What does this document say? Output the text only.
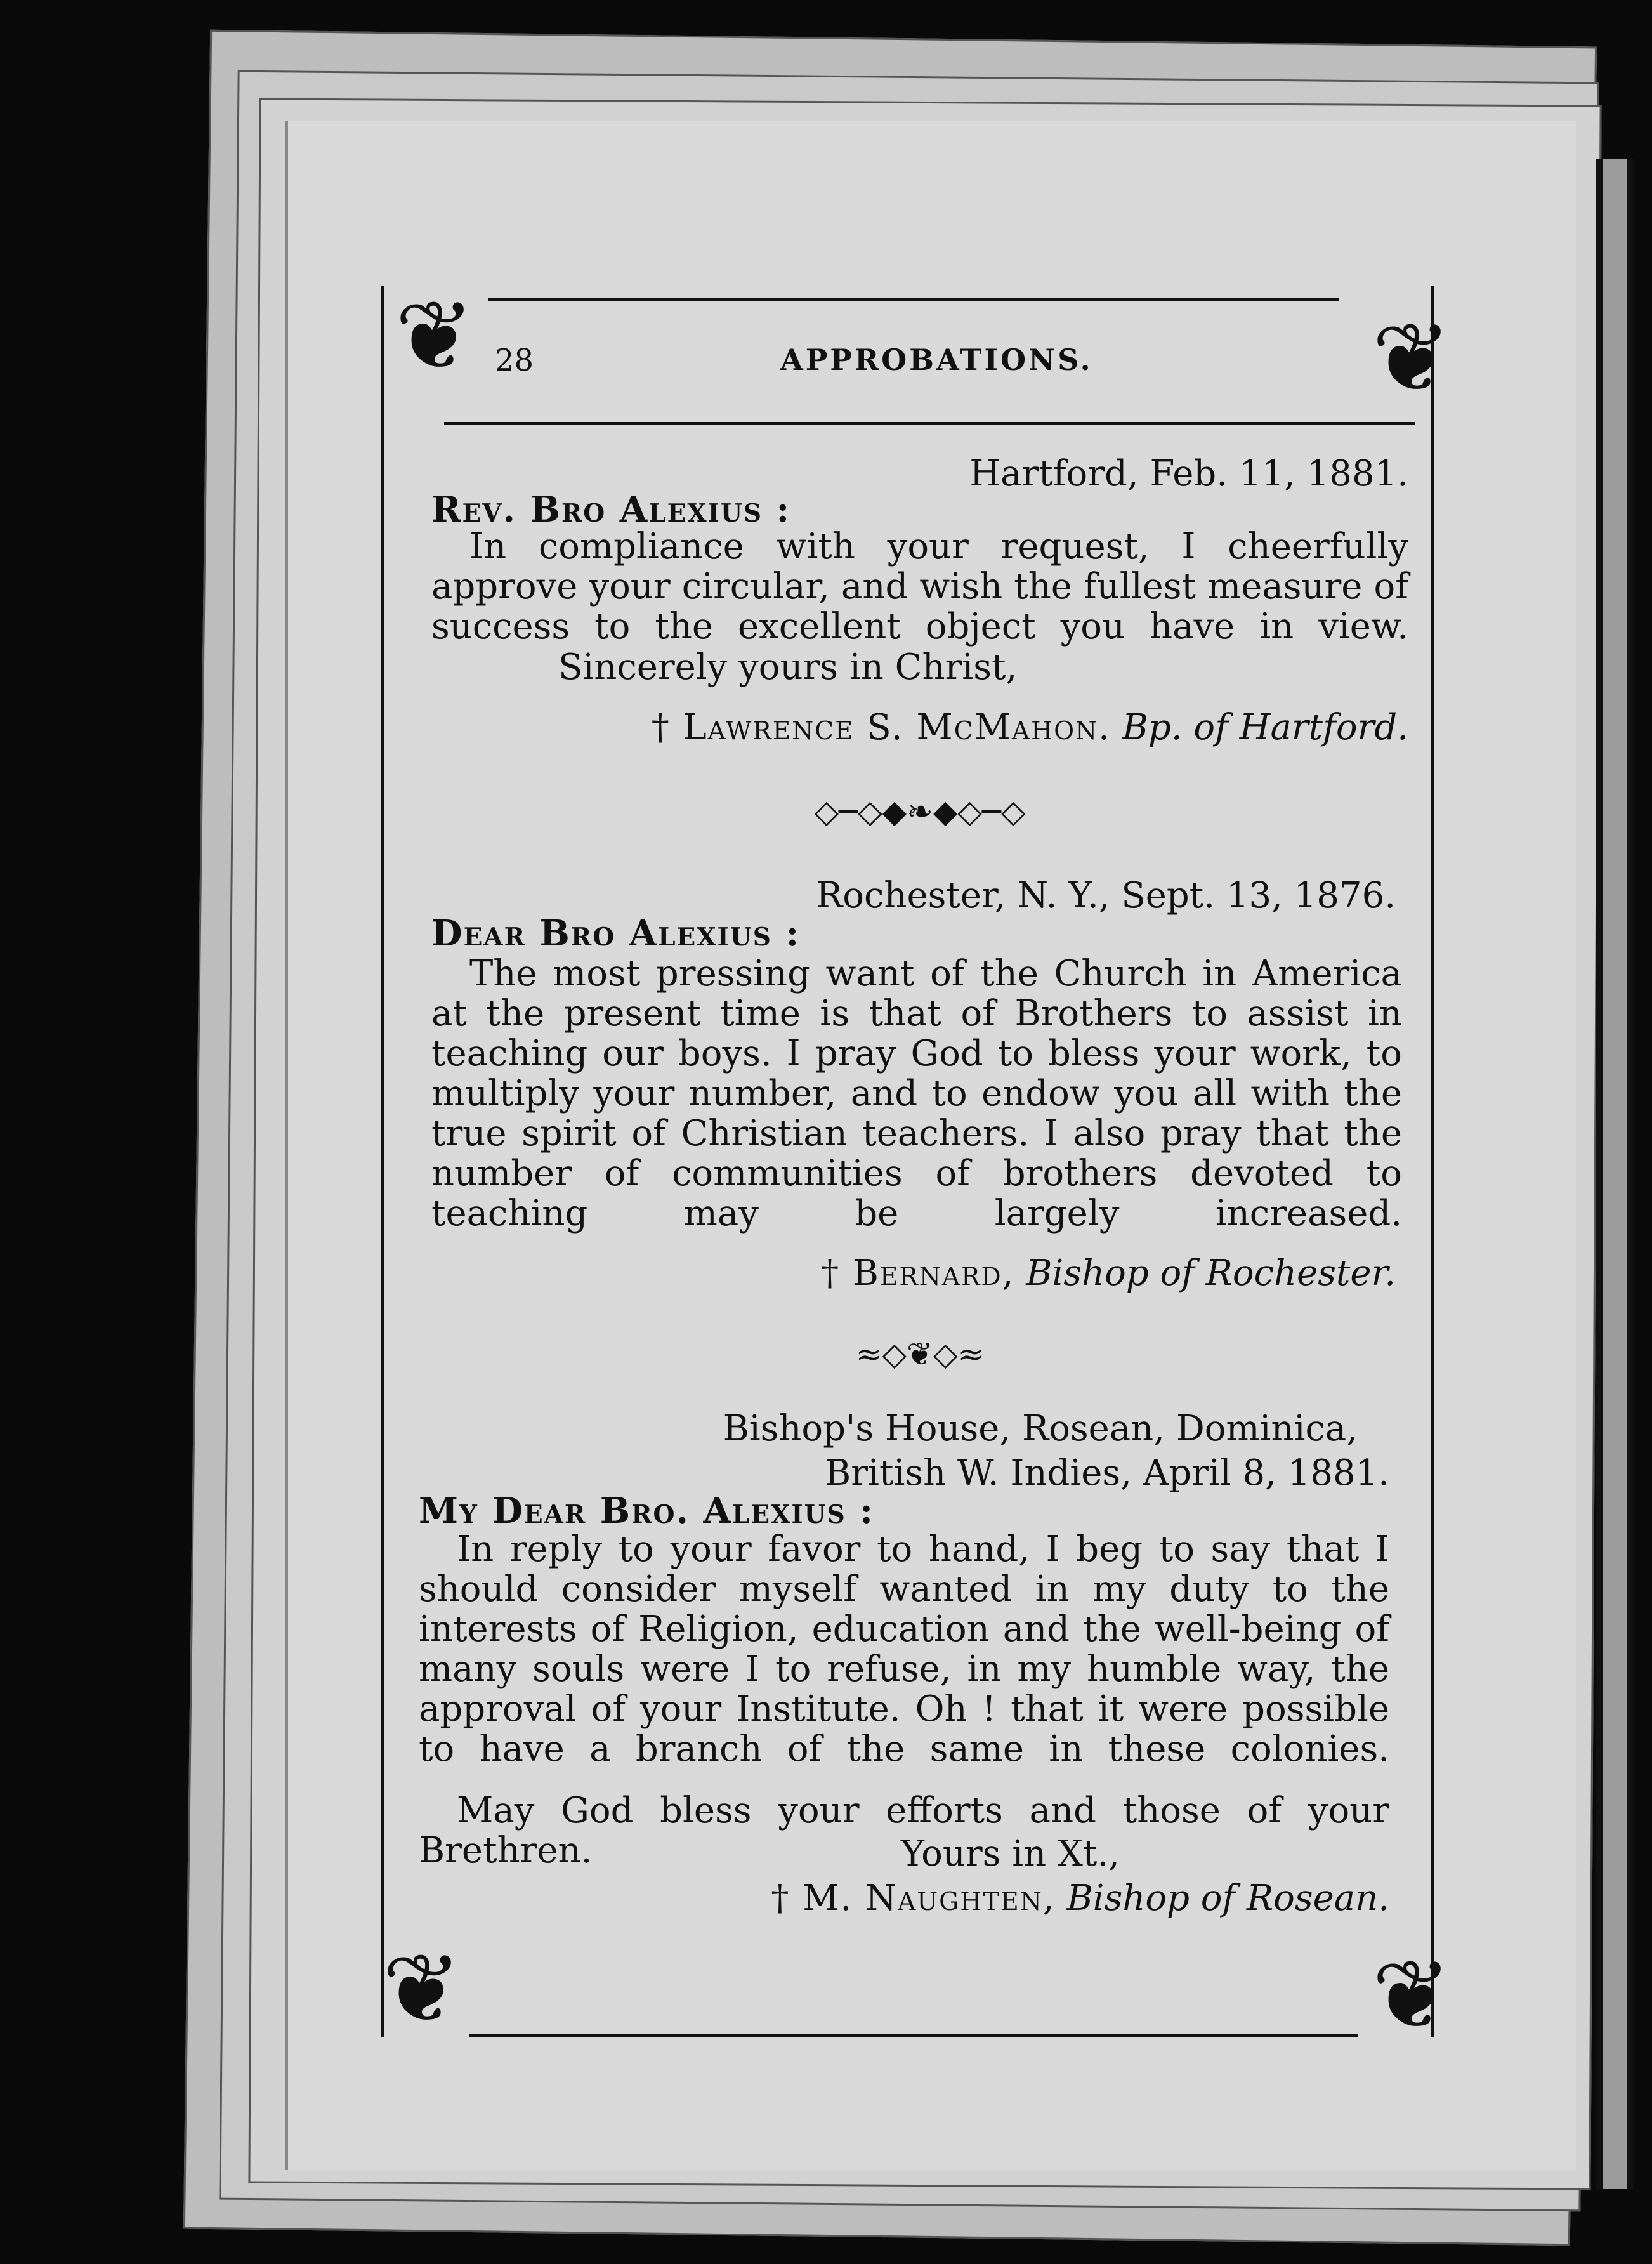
❦	❦
❦	❦
28	APPROBATIONS.
Hartford, Feb. 11, 1881.
Rev. Bro Alexius :
In compliance with your request, I cheerfully approve your circular, and wish the fullest measure of success to the excellent object you have in view.
Sincerely yours in Christ,
† Lawrence S. McMahon. Bp. of Hartford.
◇─◇◆❧◆◇─◇
Rochester, N. Y., Sept. 13, 1876.
Dear Bro Alexius :
The most pressing want of the Church in America at the present time is that of Brothers to assist in teaching our boys. I pray God to bless your work, to multiply your number, and to endow you all with the true spirit of Christian teachers. I also pray that the number of communities of brothers devoted to teaching may be largely increased.
† Bernard, Bishop of Rochester.
≈◇❦◇≈
Bishop's House, Rosean, Dominica,
British W. Indies, April 8, 1881.
My Dear Bro. Alexius :
In reply to your favor to hand, I beg to say that I should consider myself wanted in my duty to the interests of Religion, education and the well-being of many souls were I to refuse, in my humble way, the approval of your Institute. Oh ! that it were possible to have a branch of the same in these colonies.
May God bless your efforts and those of your Brethren.	Yours in Xt.,
† M. Naughten, Bishop of Rosean.
